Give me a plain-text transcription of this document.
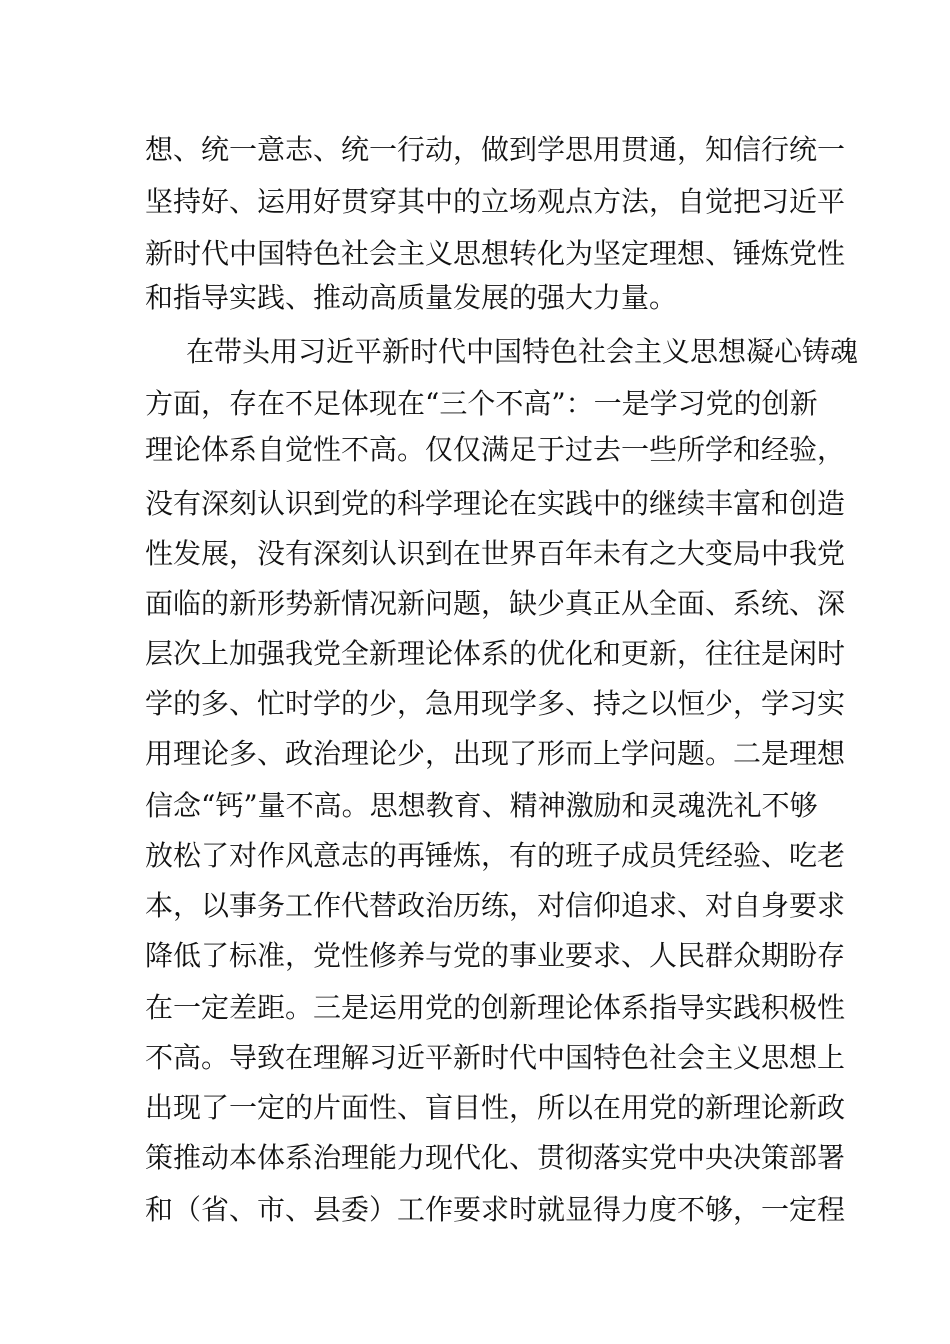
想、统一意志、统一行动，做到学思用贯通，知信行统一
坚持好、运用好贯穿其中的立场观点方法，自觉把习近平
新时代中国特色社会主义思想转化为坚定理想、锤炼党性
和指导实践、推动高质量发展的强大力量。
在带头用习近平新时代中国特色社会主义思想凝心铸魂
方面，存在不足体现在“三个不高”：一是学习党的创新
理论体系自觉性不高。仅仅满足于过去一些所学和经验，
没有深刻认识到党的科学理论在实践中的继续丰富和创造
性发展，没有深刻认识到在世界百年未有之大变局中我党
面临的新形势新情况新问题，缺少真正从全面、系统、深
层次上加强我党全新理论体系的优化和更新，往往是闲时
学的多、忙时学的少，急用现学多、持之以恒少，学习实
用理论多、政治理论少，出现了形而上学问题。二是理想
信念“钙”量不高。思想教育、精神激励和灵魂洗礼不够
放松了对作风意志的再锤炼，有的班子成员凭经验、吃老
本，以事务工作代替政治历练，对信仰追求、对自身要求
降低了标准，党性修养与党的事业要求、人民群众期盼存
在一定差距。三是运用党的创新理论体系指导实践积极性
不高。导致在理解习近平新时代中国特色社会主义思想上
出现了一定的片面性、盲目性，所以在用党的新理论新政
策推动本体系治理能力现代化、贯彻落实党中央决策部署
和（省、市、县委）工作要求时就显得力度不够，一定程
